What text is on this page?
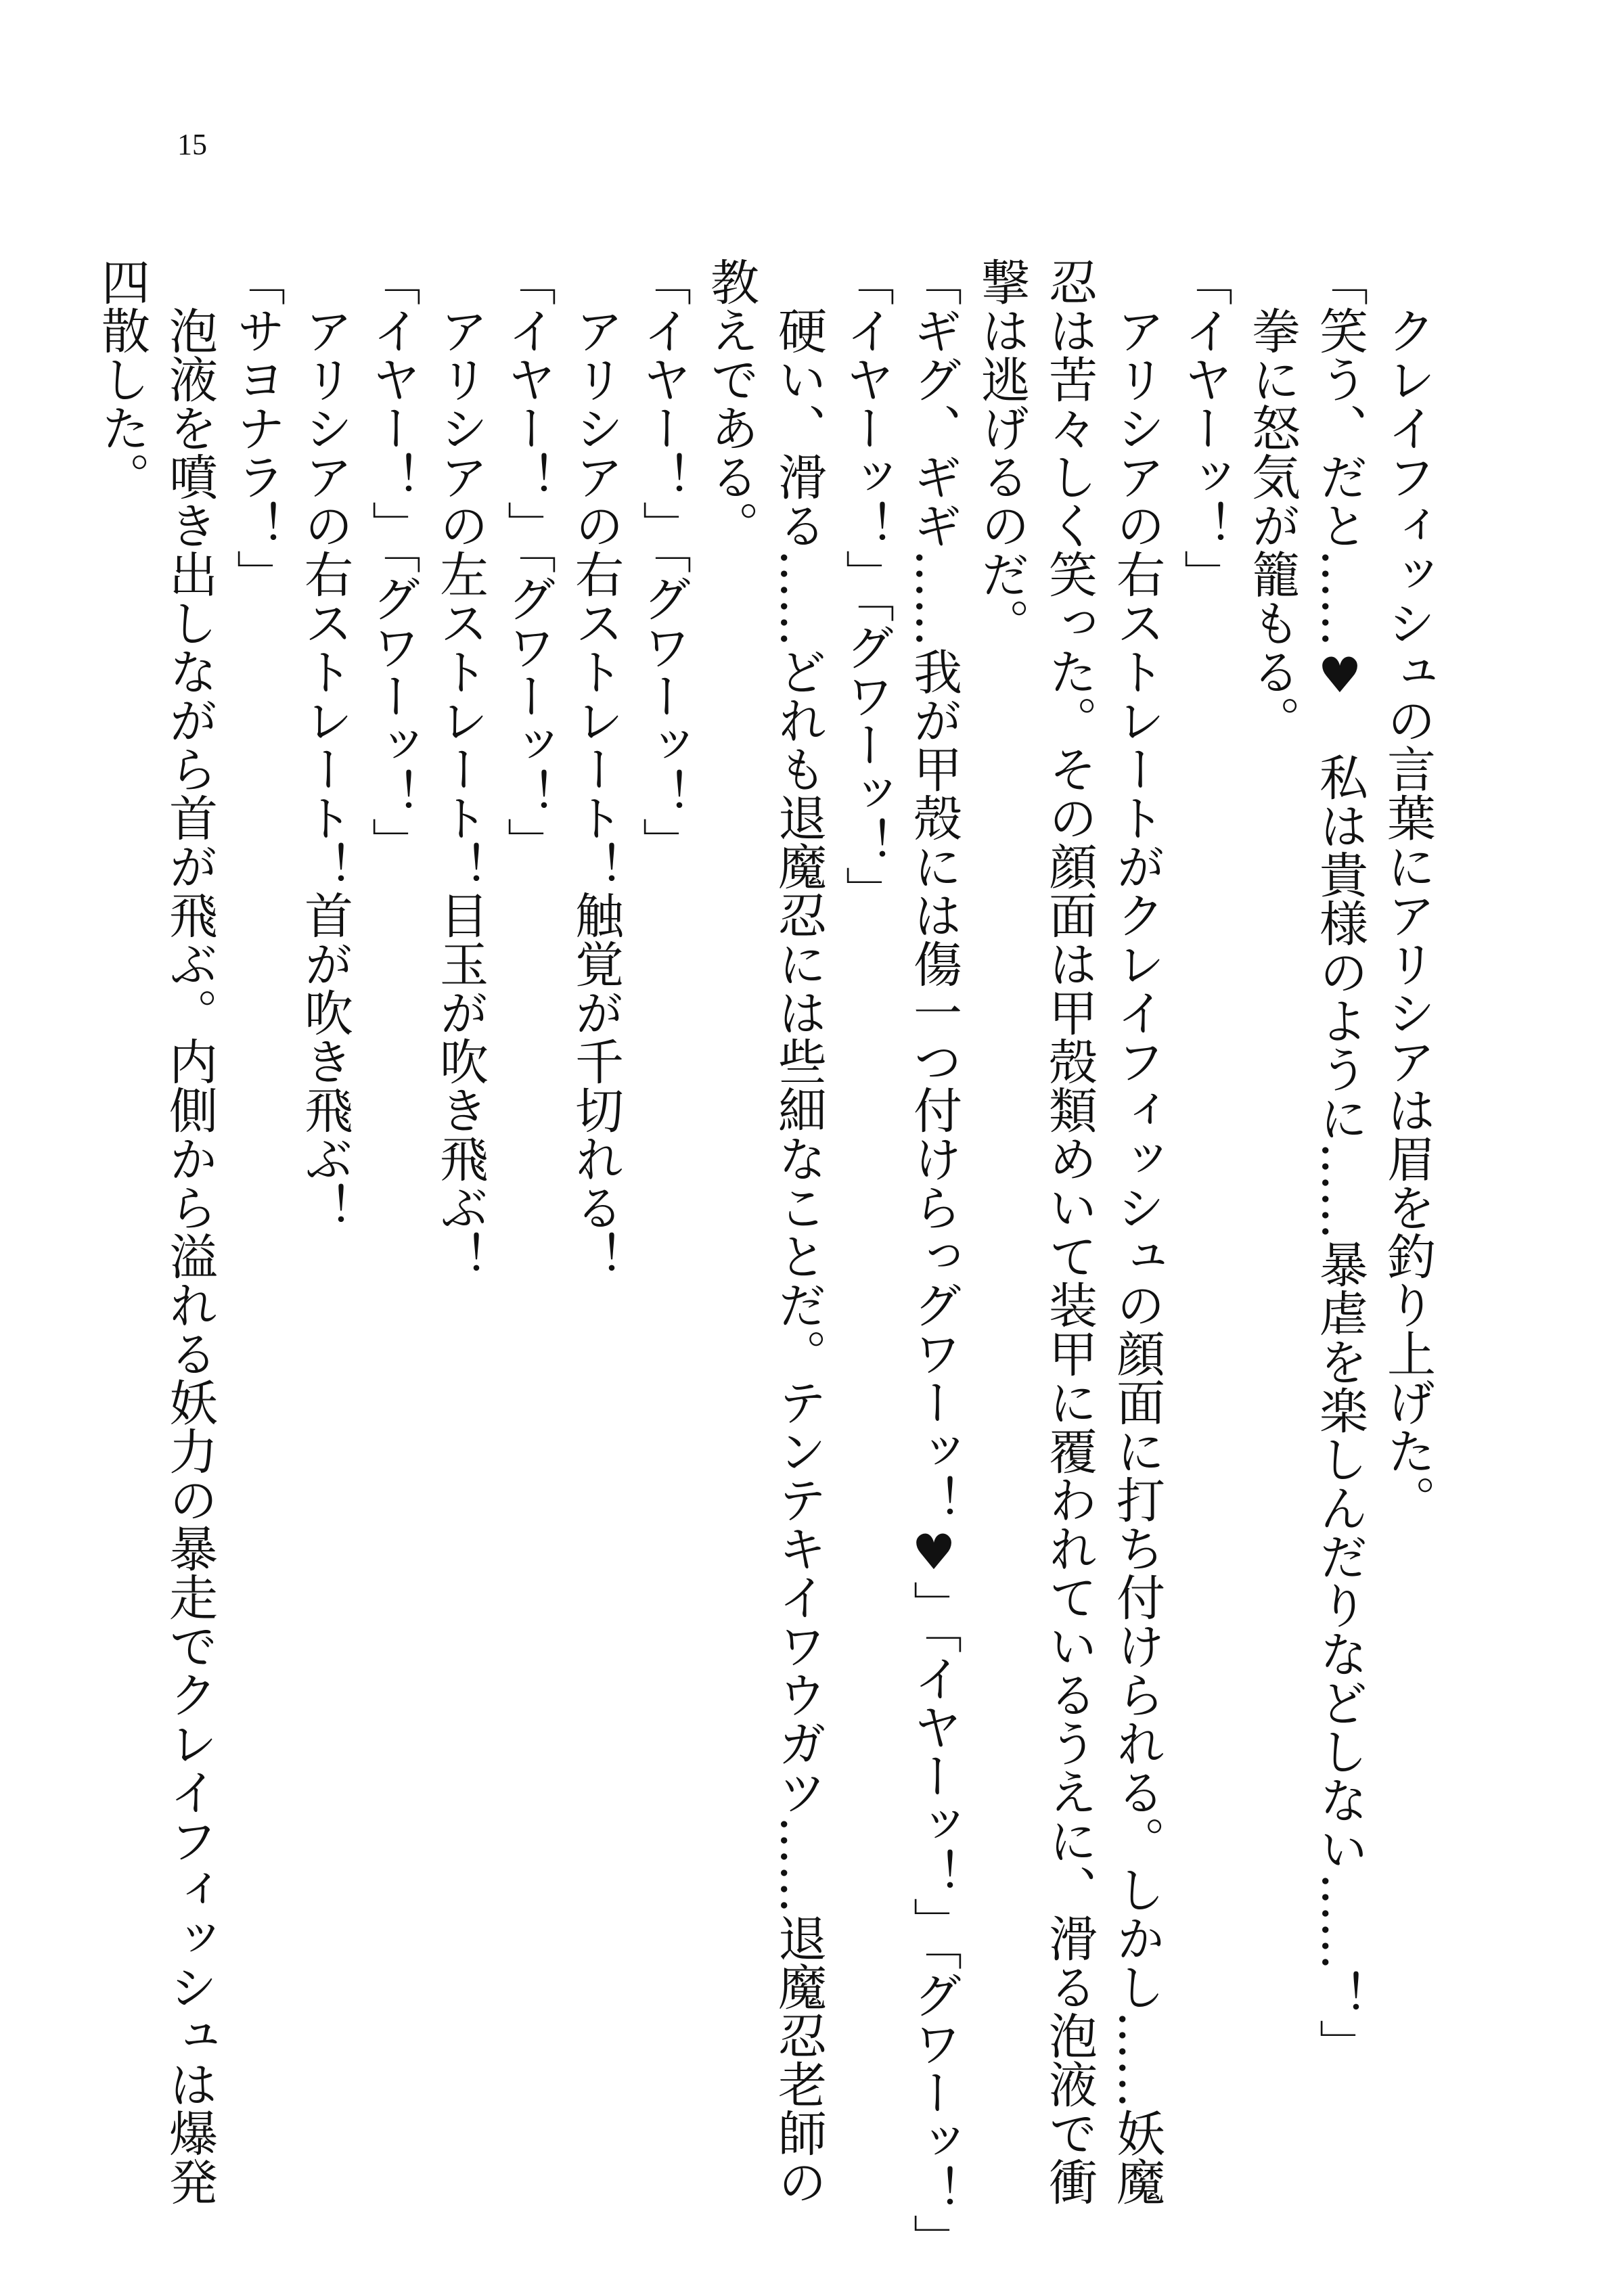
15
　クレイフィッシュの言葉にアリシアは眉を釣り上げた。
「笑う、だと……♥　私は貴様のように……暴虐を楽しんだりなどしない……！」
　拳に怒気が籠もる。
「イヤーッ！」
　アリシアの右ストレートがクレイフィッシュの顔面に打ち付けられる。しかし……妖魔
忍は苦々しく笑った。その顔面は甲殻類めいて装甲に覆われているうえに、滑る泡液で衝
撃は逃げるのだ。
「ギグ、ギギ……我が甲殻には傷一つ付けらっグワーッ！♥」「イヤーッ！」「グワーッ！」
「イヤーッ！」「グワーッ！」
　硬い、滑る……どれも退魔忍には些細なことだ。テンテキイワウガツ……退魔忍老師の
教えである。
「イヤー！」「グワーッ！」
　アリシアの右ストレート！触覚が千切れる！
「イヤー！」「グワーッ！」
　アリシアの左ストレート！目玉が吹き飛ぶ！
「イヤー！」「グワーッ！」
　アリシアの右ストレート！首が吹き飛ぶ！
「サヨナラ！」
　泡液を噴き出しながら首が飛ぶ。内側から溢れる妖力の暴走でクレイフィッシュは爆発
四散した。
